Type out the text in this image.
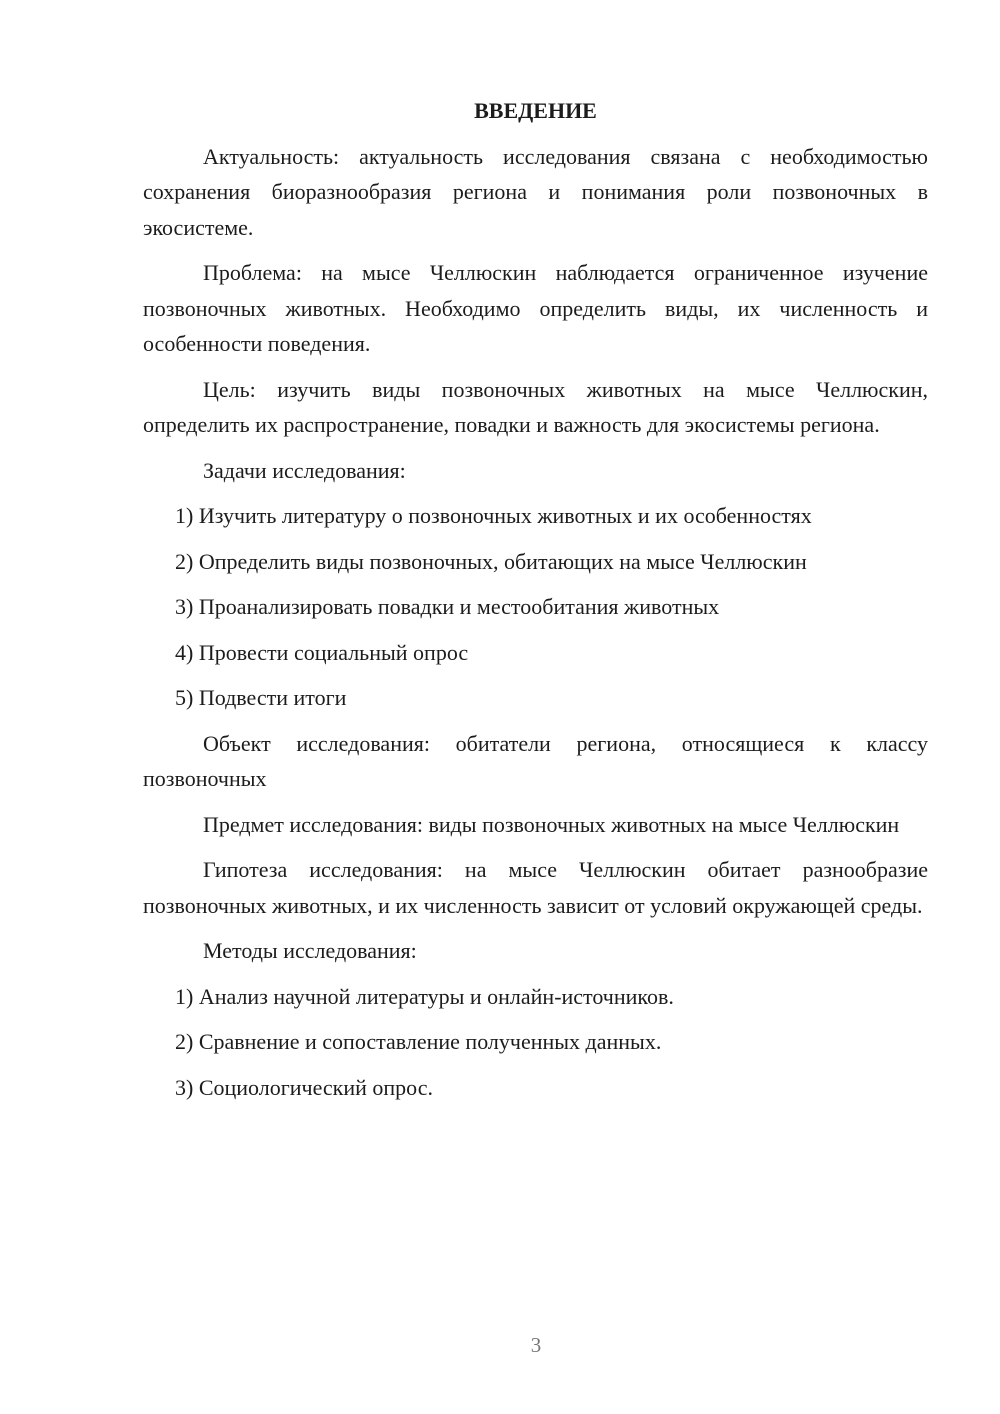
ВВЕДЕНИЕ

Актуальность: актуальность исследования связана с необходимостью сохранения биоразнообразия региона и понимания роли позвоночных в экосистеме.

Проблема: на мысе Челлюскин наблюдается ограниченное изучение позвоночных животных. Необходимо определить виды, их численность и особенности поведения.

Цель: изучить виды позвоночных животных на мысе Челлюскин, определить их распространение, повадки и важность для экосистемы региона.

Задачи исследования:

1) Изучить литературу о позвоночных животных и их особенностях
2) Определить виды позвоночных, обитающих на мысе Челлюскин
3) Проанализировать повадки и местообитания животных
4) Провести социальный опрос
5) Подвести итоги

Объект исследования: обитатели региона, относящиеся к классу позвоночных

Предмет исследования: виды позвоночных животных на мысе Челлюскин

Гипотеза исследования: на мысе Челлюскин обитает разнообразие позвоночных животных, и их численность зависит от условий окружающей среды.

Методы исследования:

1) Анализ научной литературы и онлайн-источников.
2) Сравнение и сопоставление полученных данных.
3) Социологический опрос.
3
